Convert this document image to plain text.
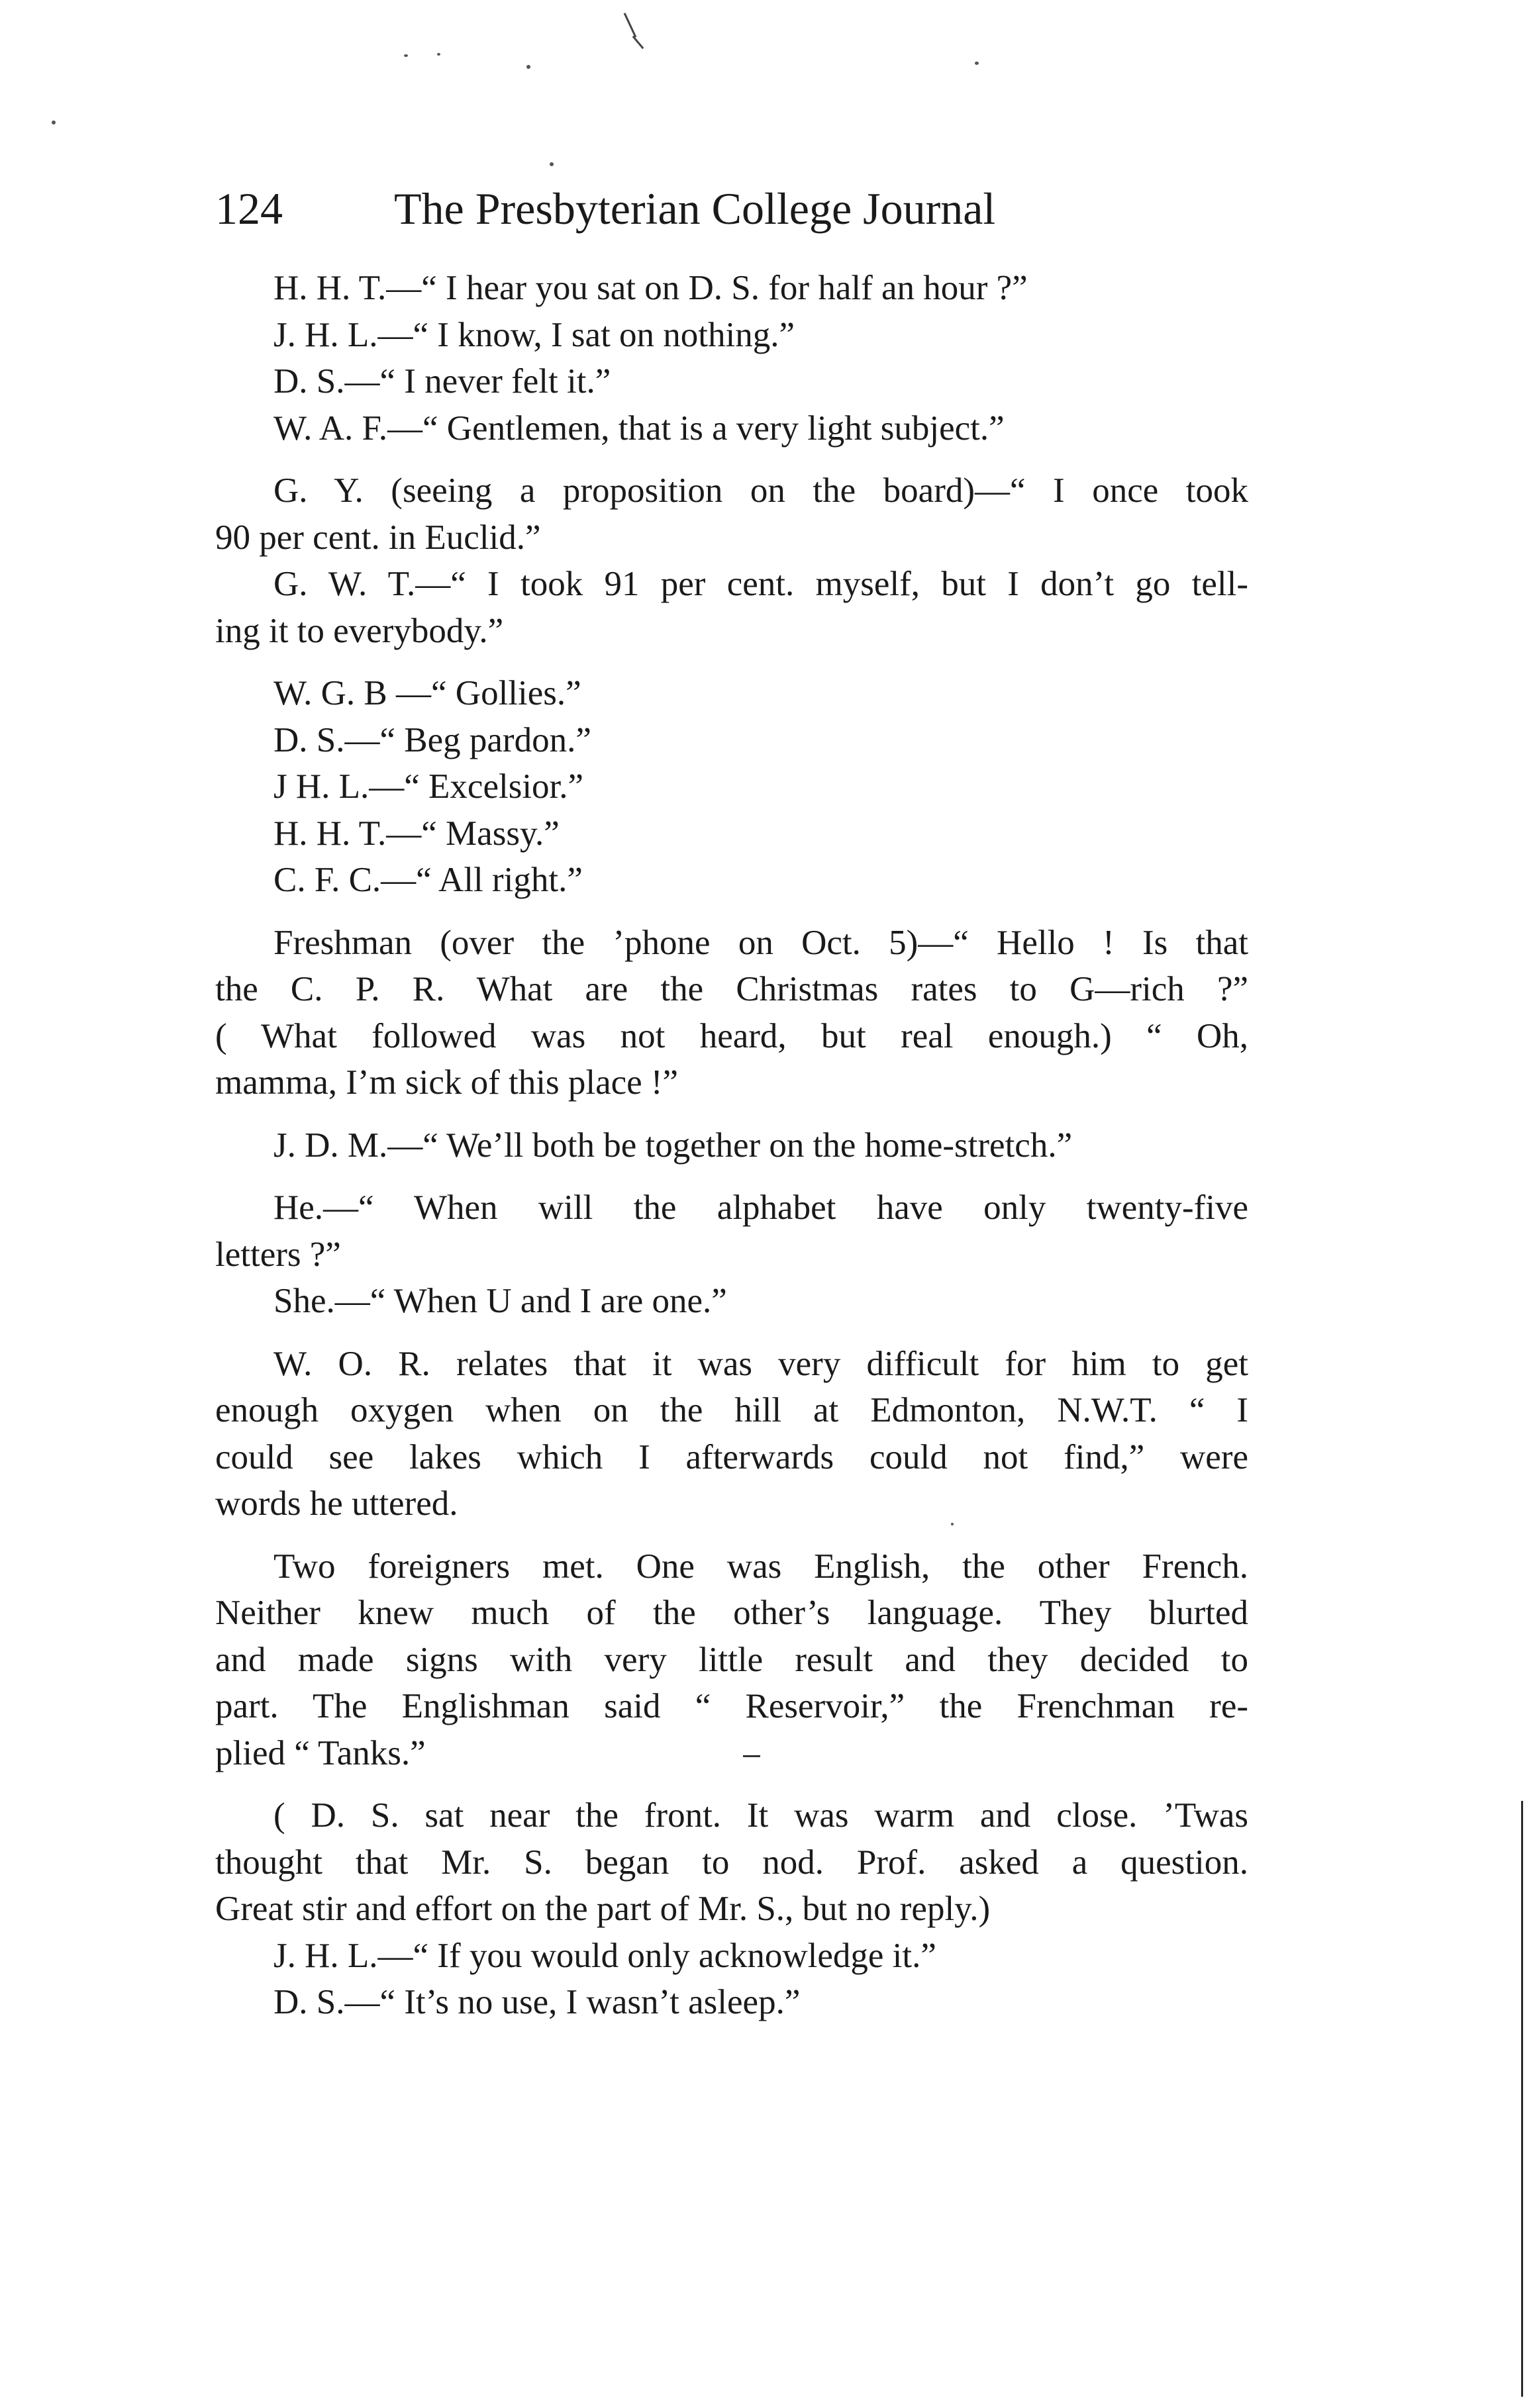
124 The Presbyterian College Journal

H. H. T.—“ I hear you sat on D. S. for half an hour ?”

J. H. L.—“ I know, I sat on nothing.”

D. S.—“ I never felt it.”

W. A. F.—“ Gentlemen, that is a very light subject.”

G. Y. (seeing a proposition on the board)—“ I once took
90 per cent. in Euclid.”

G. W. T.—“ I took 91 per cent. myself, but I don’t go tell-
ing it to everybody.”

W. G. B —“ Gollies.”

D. S.—“ Beg pardon.”

J H. L.—“ Excelsior.”

H. H. T.—“ Massy.”

C. F. C.—“ All right.”

Freshman (over the ’phone on Oct. 5)—“ Hello ! Is that
the C. P. R. What are the Christmas rates to G—rich ?”
( What followed was not heard, but real enough.) “ Oh,
mamma, I’m sick of this place !”

J. D. M.—“ We’ll both be together on the home-stretch.”

He.—“ When will the alphabet have only twenty-five
letters ?”

She.—“ When U and I are one.”

W. O. R. relates that it was very difficult for him to get
enough oxygen when on the hill at Edmonton, N.W.T. “ I
could see lakes which I afterwards could not find,” were
words he uttered.

Two foreigners met. One was English, the other French.
Neither knew much of the other’s language. They blurted
and made signs with very little result and they decided to
part. The Englishman said “ Reservoir,” the Frenchman re-
plied “ Tanks.”

( D. S. sat near the front. It was warm and close. ’Twas
thought that Mr. S. began to nod. Prof. asked a question.
Great stir and effort on the part of Mr. S., but no reply.)

J. H. L.—“ If you would only acknowledge it.”

D. S.—“ It’s no use, I wasn’t asleep.”
